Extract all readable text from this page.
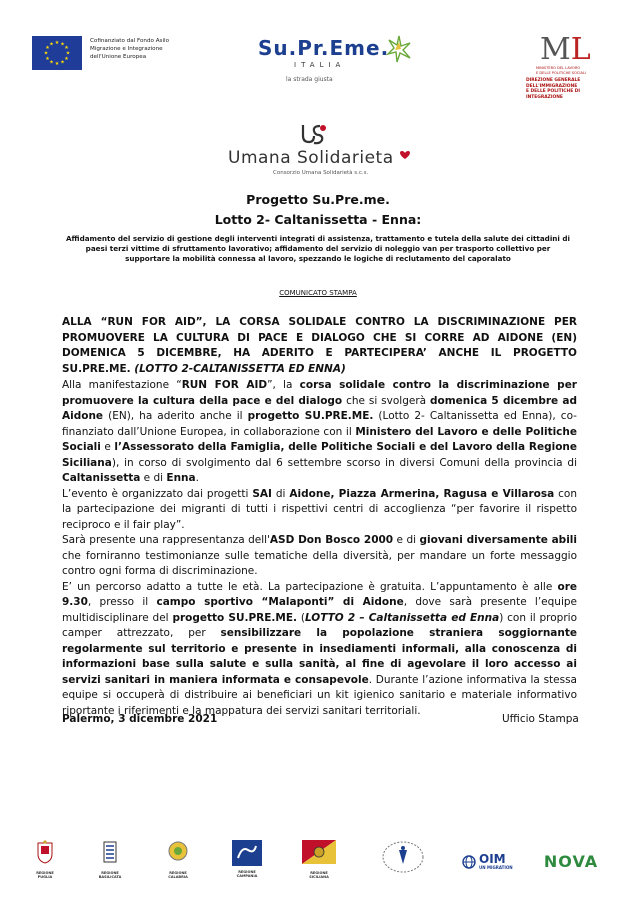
★ ★
★
★
★
★
★
★
★
★
★
★
Cofinanziato dal Fondo Asilo
Migrazione e Integrazione
dell'Unione Europea	Su.Pr.Eme.
ITALIA
la strada giusta
ML
MINISTERO DEL LAVORO
E DELLE POLITICHE SOCIALI
DIREZIONE GENERALE DELL'IMMIGRAZIONE
E DELLE POLITICHE DI INTEGRAZIONE
Umana Solidarieta
Consorzio Umana Solidarietà s.c.s.
Progetto Su.Pre.me.
Lotto 2- Caltanissetta - Enna:
Affidamento del servizio di gestione degli interventi integrati di assistenza, trattamento e tutela della salute dei cittadini di paesi terzi vittime di sfruttamento lavorativo; affidamento del servizio di noleggio van per trasporto collettivo per supportare la mobilità connessa al lavoro, spezzando le logiche di reclutamento del caporalato
COMUNICATO STAMPA
ALLA “RUN FOR AID”, LA CORSA SOLIDALE CONTRO LA DISCRIMINAZIONE PER PROMUOVERE LA CULTURA DI PACE E DIALOGO CHE SI CORRE AD AIDONE (EN) DOMENICA 5 DICEMBRE, HA ADERITO E PARTECIPERA’ ANCHE IL PROGETTO SU.PRE.ME. (LOTTO 2-CALTANISSETTA ED ENNA)

Alla manifestazione “RUN FOR AID”, la corsa solidale contro la discriminazione per promuovere la cultura della pace e del dialogo che si svolgerà domenica 5 dicembre ad Aidone (EN), ha aderito anche il progetto SU.PRE.ME. (Lotto 2- Caltanissetta ed Enna), co-finanziato dall’Unione Europea, in collaborazione con il Ministero del Lavoro e delle Politiche Sociali e l’Assessorato della Famiglia, delle Politiche Sociali e del Lavoro della Regione Siciliana), in corso di svolgimento dal 6 settembre scorso in diversi Comuni della provincia di Caltanissetta e di Enna.

L’evento è organizzato dai progetti SAI di Aidone, Piazza Armerina, Ragusa e Villarosa con la partecipazione dei migranti di tutti i rispettivi centri di accoglienza “per favorire il rispetto reciproco e il fair play”.

Sarà presente una rappresentanza dell'ASD Don Bosco 2000 e di giovani diversamente abili che forniranno testimonianze sulle tematiche della diversità, per mandare un forte messaggio contro ogni forma di discriminazione.

E’ un percorso adatto a tutte le età. La partecipazione è gratuita. L’appuntamento è alle ore 9.30, presso il campo sportivo “Malaponti” di Aidone, dove sarà presente l’equipe multidisciplinare del progetto SU.PRE.ME. (LOTTO 2 – Caltanissetta ed Enna) con il proprio camper attrezzato, per sensibilizzare la popolazione straniera soggiornante regolarmente sul territorio e presente in insediamenti informali, alla conoscenza di informazioni base sulla salute e sulla sanità, al fine di agevolare il loro accesso ai servizi sanitari in maniera informata e consapevole. Durante l’azione informativa la stessa equipe si occuperà di distribuire ai beneficiari un kit igienico sanitario e materiale informativo riportante i riferimenti e la mappatura dei servizi sanitari territoriali.

Palermo, 3 dicembre 2021	Ufficio Stampa
REGIONE PUGLIA
REGIONE BASILICATA
REGIONE CALABRIA
REGIONE CAMPANIA
REGIONE SICILIANA
OIM
UN MIGRATION NOVA
